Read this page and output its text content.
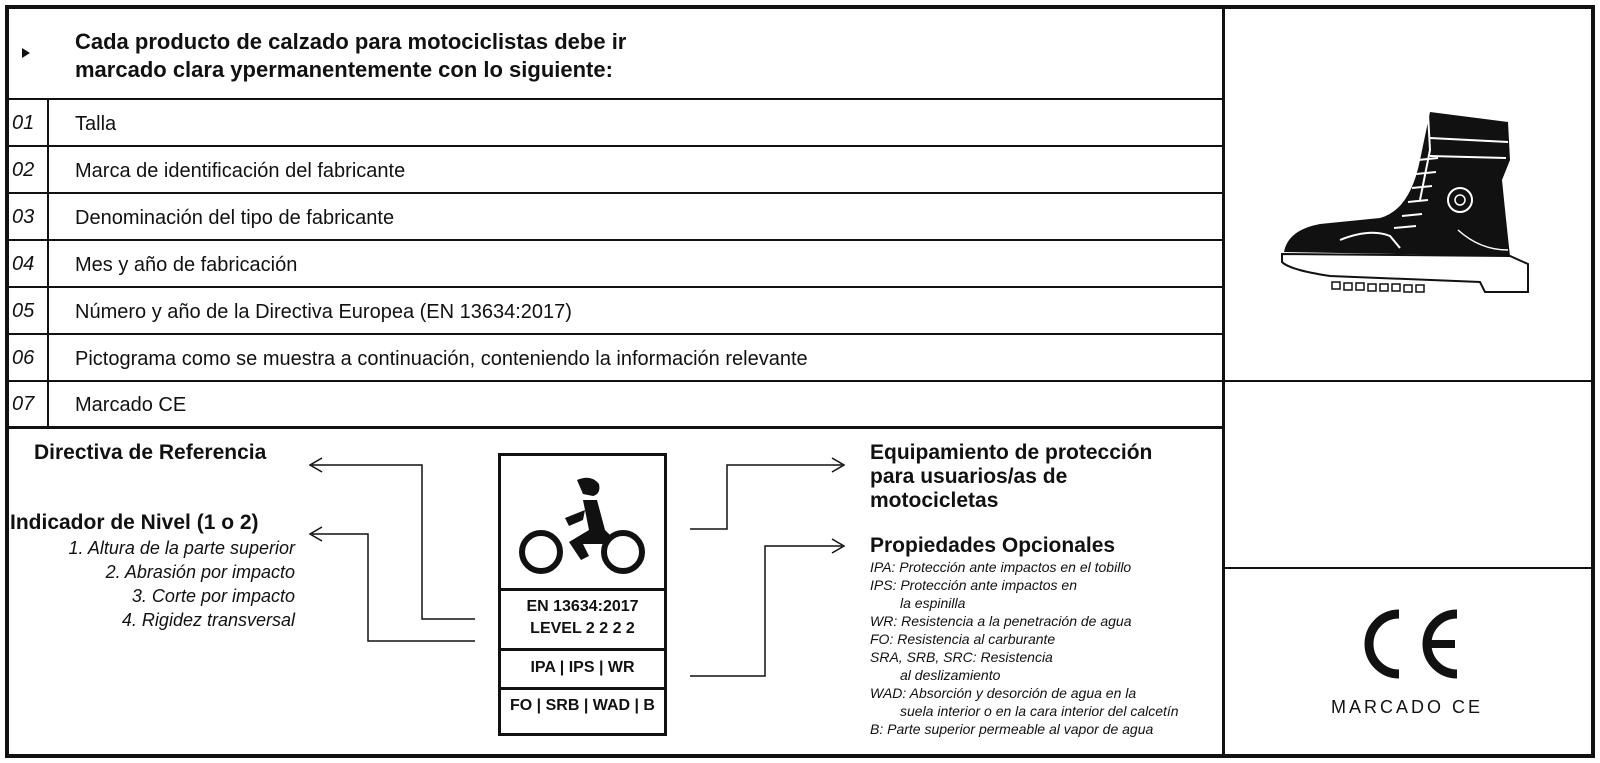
Cada producto de calzado para motociclistas debe ir
marcado clara ypermanentemente con lo siguiente:
01 Talla
02 Marca de identificación del fabricante
03 Denominación del tipo de fabricante
04 Mes y año de fabricación
05 Número y año de la Directiva Europea (EN 13634:2017)
06 Pictograma como se muestra a continuación, conteniendo la información relevante
07 Marcado CE
Directiva de Referencia
Indicador de Nivel (1 o 2)
1. Altura de la parte superior
2. Abrasión por impacto
3. Corte por impacto
4. Rigidez transversal
EN 13634:2017
LEVEL 2 2 2 2
IPA | IPS | WR
FO | SRB | WAD | B
Equipamiento de protección
para usuarios/as de
motocicletas
Propiedades Opcionales
IPA: Protección ante impactos en el tobillo
IPS: Protección ante impactos en
la espinilla
WR: Resistencia a la penetración de agua
FO: Resistencia al carburante
SRA, SRB, SRC: Resistencia
al deslizamiento
WAD: Absorción y desorción de agua en la
suela interior o en la cara interior del calcetín
B: Parte superior permeable al vapor de agua
MARCADO CE
